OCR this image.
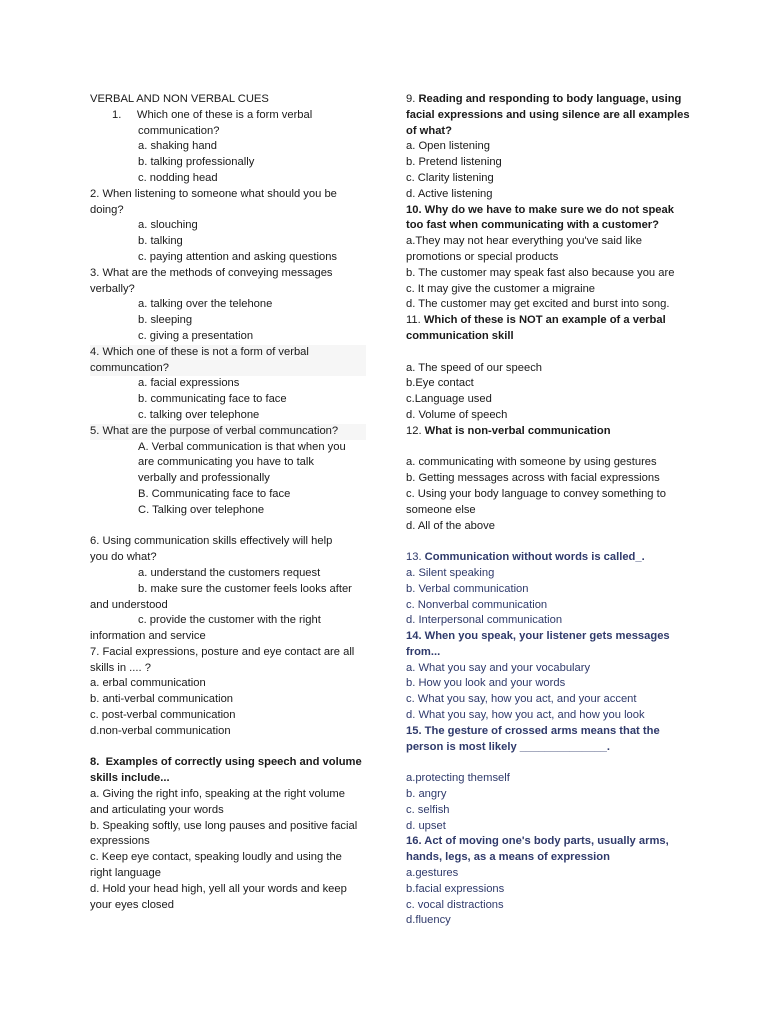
VERBAL AND NON VERBAL CUES
1. Which one of these is a form verbal
communication?
a. shaking hand
b. talking professionally
c. nodding head
2. When listening to someone what should you be
doing?
a. slouching
b. talking
c. paying attention and asking questions
3. What are the methods of conveying messages
verbally?
a. talking over the telehone
b. sleeping
c. giving a presentation
4. Which one of these is not a form of verbal
communcation?
a. facial expressions
b. communicating face to face
c. talking over telephone
5. What are the purpose of verbal communcation?
A. Verbal communication is that when you
are communicating you have to talk
verbally and professionally
B. Communicating face to face
C. Talking over telephone
6. Using communication skills effectively will help
you do what?
a. understand the customers request
b. make sure the customer feels looks after
and understood
c. provide the customer with the right
information and service
7. Facial expressions, posture and eye contact are all
skills in .... ?
a. erbal communication
b. anti-verbal communication
c. post-verbal communication
d.non-verbal communication
8. Examples of correctly using speech and volume
skills include...
a. Giving the right info, speaking at the right volume
and articulating your words
b. Speaking softly, use long pauses and positive facial
expressions
c. Keep eye contact, speaking loudly and using the
right language
d. Hold your head high, yell all your words and keep
your eyes closed
9. Reading and responding to body language, using
facial expressions and using silence are all examples
of what?
a. Open listening
b. Pretend listening
c. Clarity listening
d. Active listening
10. Why do we have to make sure we do not speak
too fast when communicating with a customer?
a.They may not hear everything you've said like
promotions or special products
b. The customer may speak fast also because you are
c. It may give the customer a migraine
d. The customer may get excited and burst into song.
11. Which of these is NOT an example of a verbal
communication skill
a. The speed of our speech
b.Eye contact
c.Language used
d. Volume of speech
12. What is non-verbal communication
a. communicating with someone by using gestures
b. Getting messages across with facial expressions
c. Using your body language to convey something to
someone else
d. All of the above
13. Communication without words is called_.
a. Silent speaking
b. Verbal communication
c. Nonverbal communication
d. Interpersonal communication
14. When you speak, your listener gets messages
from...
a. What you say and your vocabulary
b. How you look and your words
c. What you say, how you act, and your accent
d. What you say, how you act, and how you look
15. The gesture of crossed arms means that the
person is most likely ______________.
a.protecting themself
b. angry
c. selfish
d. upset
16. Act of moving one's body parts, usually arms,
hands, legs, as a means of expression
a.gestures
b.facial expressions
c. vocal distractions
d.fluency
